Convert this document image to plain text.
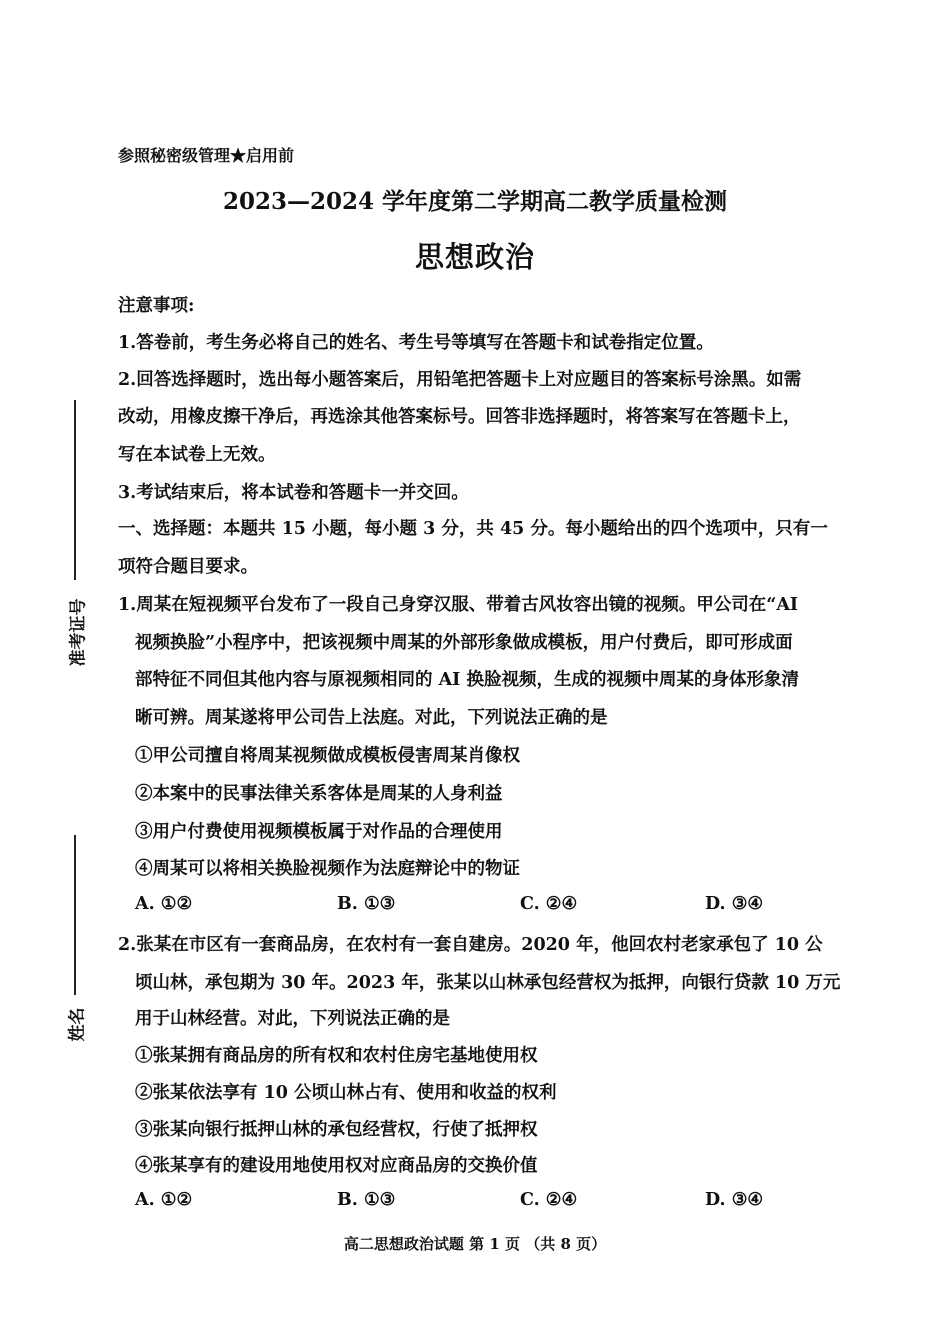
准考证号
姓名
参照秘密级管理★启用前
2023—2024 学年度第二学期高二教学质量检测
思想政治
注意事项:
1.答卷前，考生务必将自己的姓名、考生号等填写在答题卡和试卷指定位置。
2.回答选择题时，选出每小题答案后，用铅笔把答题卡上对应题目的答案标号涂黑。如需
改动，用橡皮擦干净后，再选涂其他答案标号。回答非选择题时，将答案写在答题卡上，
写在本试卷上无效。
3.考试结束后，将本试卷和答题卡一并交回。
一、选择题：本题共 15 小题，每小题 3 分，共 45 分。每小题给出的四个选项中，只有一
项符合题目要求。
1.周某在短视频平台发布了一段自己身穿汉服、带着古风妆容出镜的视频。甲公司在“AI
视频换脸”小程序中，把该视频中周某的外部形象做成模板，用户付费后，即可形成面
部特征不同但其他内容与原视频相同的 AI 换脸视频，生成的视频中周某的身体形象清
晰可辨。周某遂将甲公司告上法庭。对此，下列说法正确的是
①甲公司擅自将周某视频做成模板侵害周某肖像权
②本案中的民事法律关系客体是周某的人身利益
③用户付费使用视频模板属于对作品的合理使用
④周某可以将相关换脸视频作为法庭辩论中的物证
A. ①②	B. ①③	C. ②④	D. ③④
2.张某在市区有一套商品房，在农村有一套自建房。2020 年，他回农村老家承包了 10 公
顷山林，承包期为 30 年。2023 年，张某以山林承包经营权为抵押，向银行贷款 10 万元
用于山林经营。对此，下列说法正确的是
①张某拥有商品房的所有权和农村住房宅基地使用权
②张某依法享有 10 公顷山林占有、使用和收益的权利
③张某向银行抵押山林的承包经营权，行使了抵押权
④张某享有的建设用地使用权对应商品房的交换价值
A. ①②	B. ①③	C. ②④	D. ③④
高二思想政治试题 第 1 页 （共 8 页）
